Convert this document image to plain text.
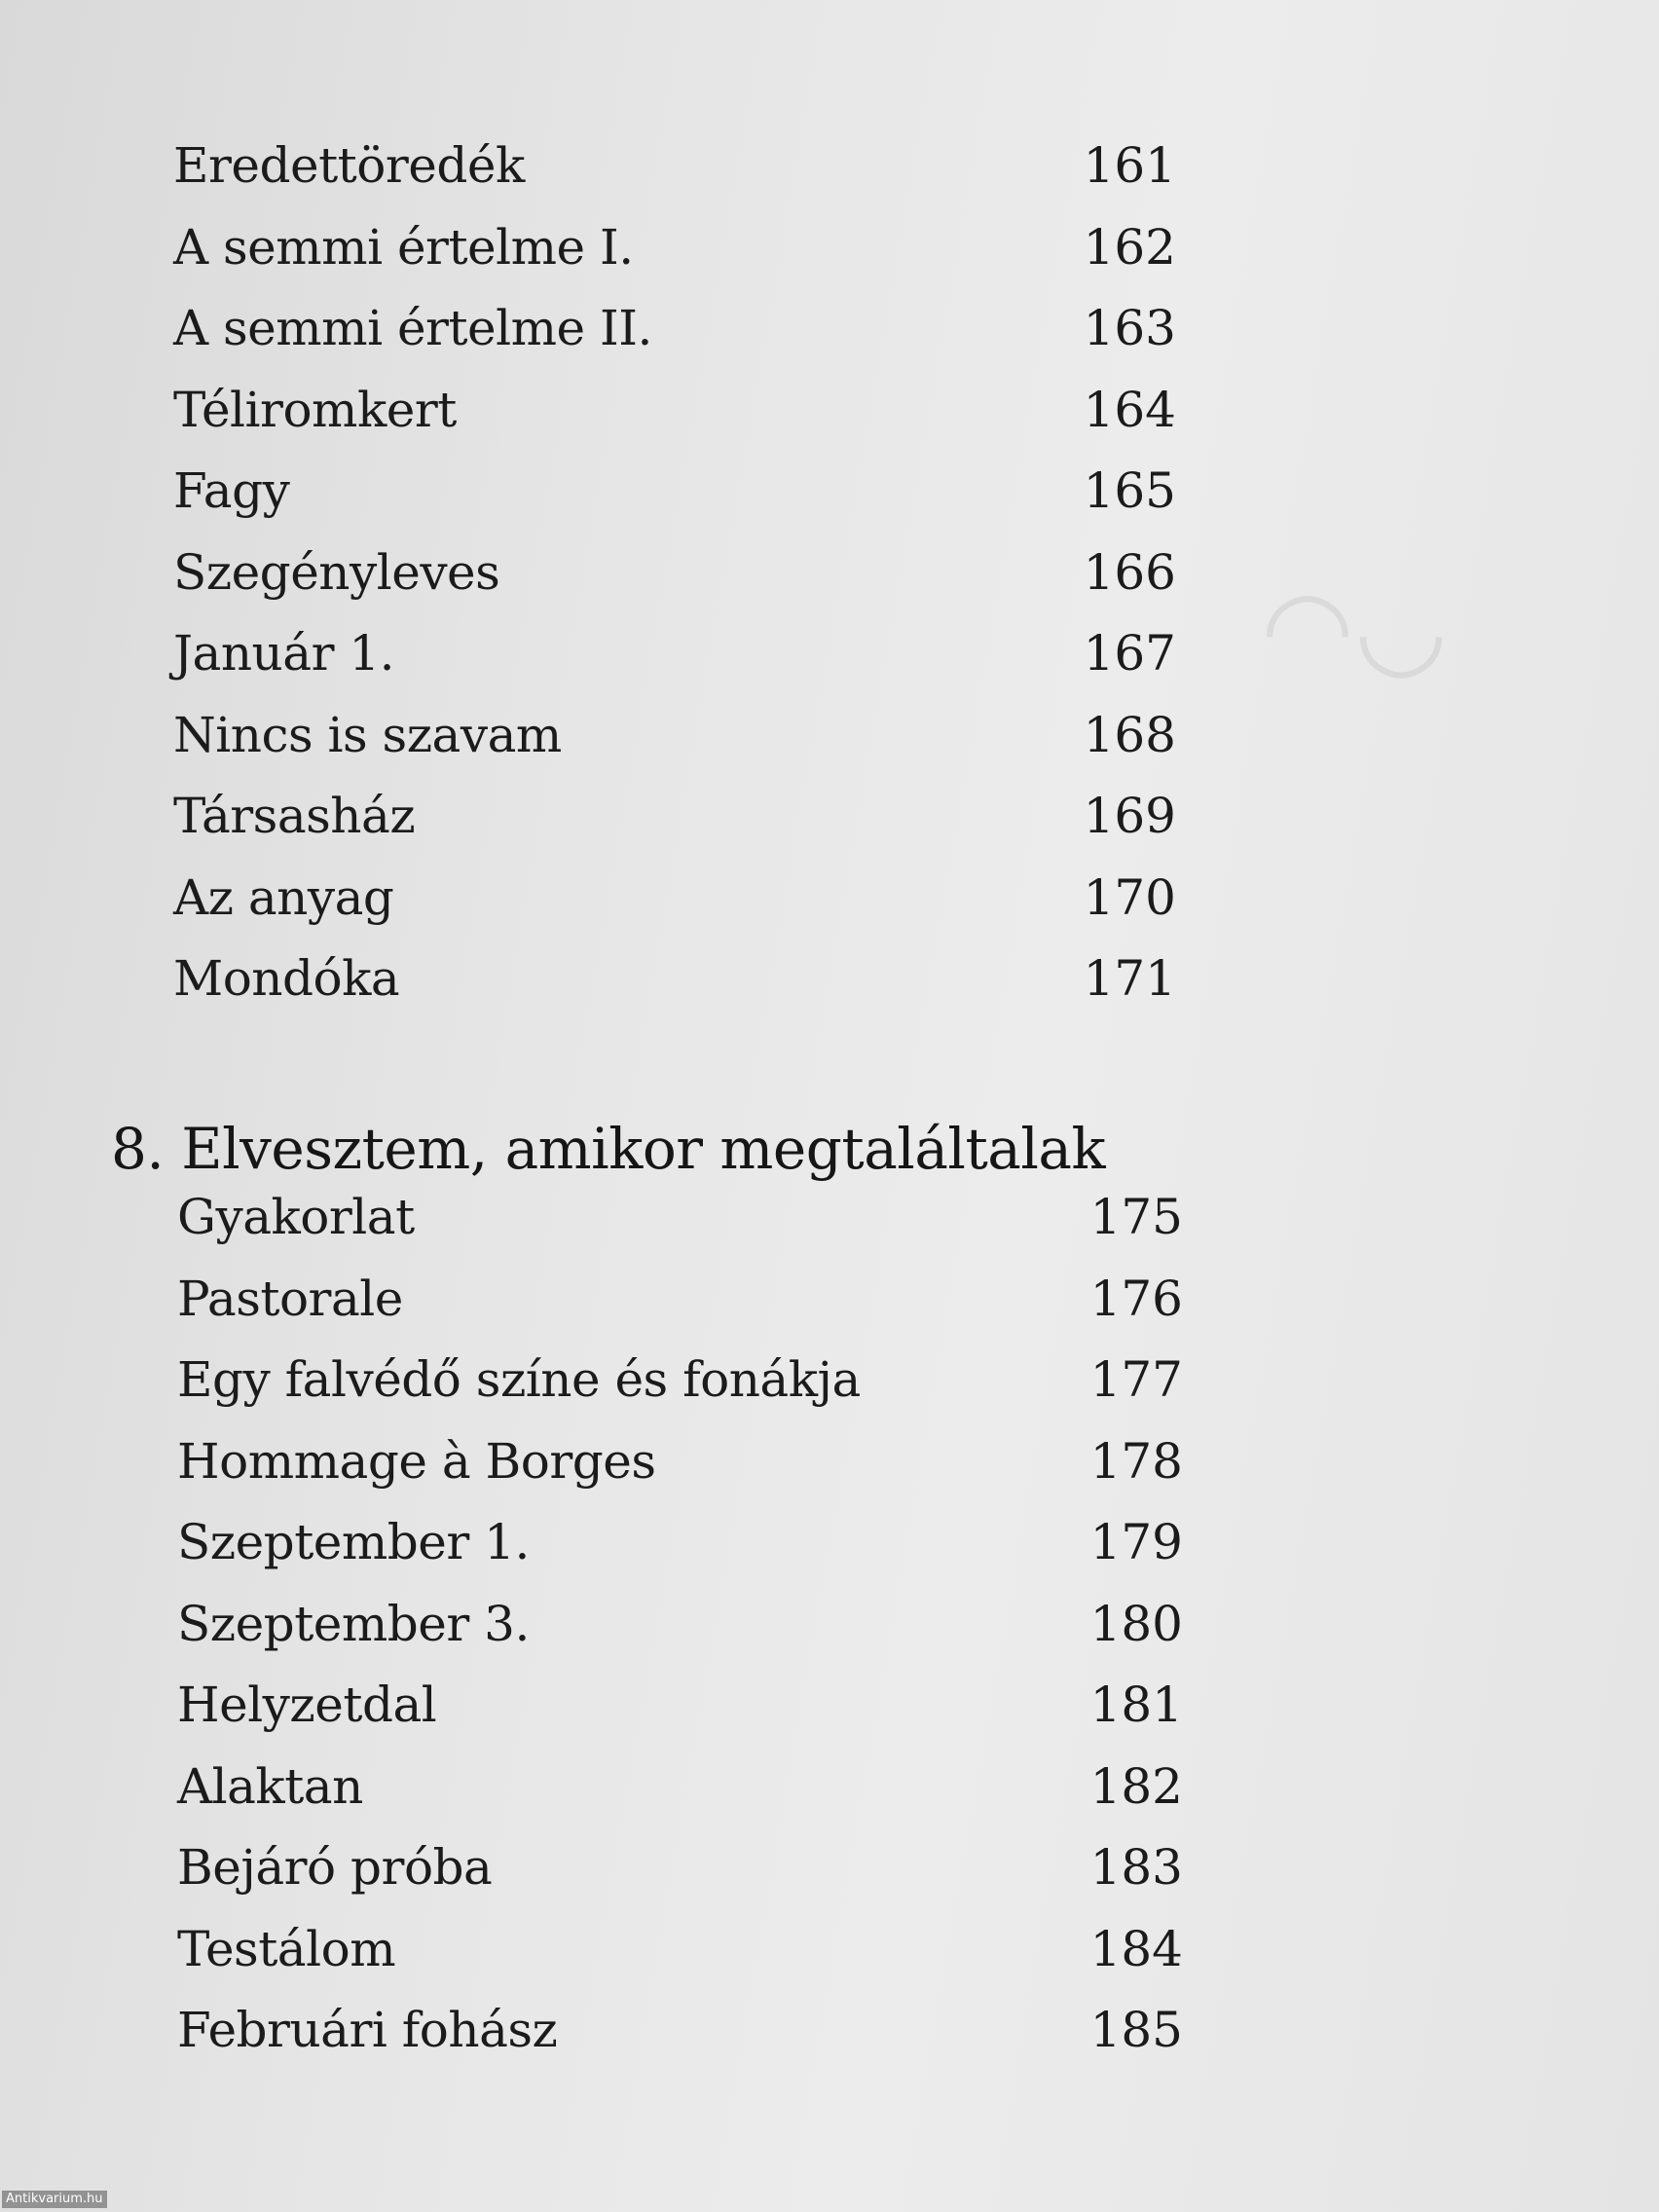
◠◡
Eredettöredék	161
A semmi értelme I.	162
A semmi értelme II.	163
Téliromkert	164
Fagy	165
Szegényleves	166
Január 1.	167
Nincs is szavam	168
Társasház	169
Az anyag	170
Mondóka	171
8. Elvesztem, amikor megtaláltalak
Gyakorlat	175
Pastorale	176
Egy falvédő színe és fonákja	177
Hommage à Borges	178
Szeptember 1.	179
Szeptember 3.	180
Helyzetdal	181
Alaktan	182
Bejáró próba	183
Testálom	184
Februári fohász	185
Antikvarium.hu
